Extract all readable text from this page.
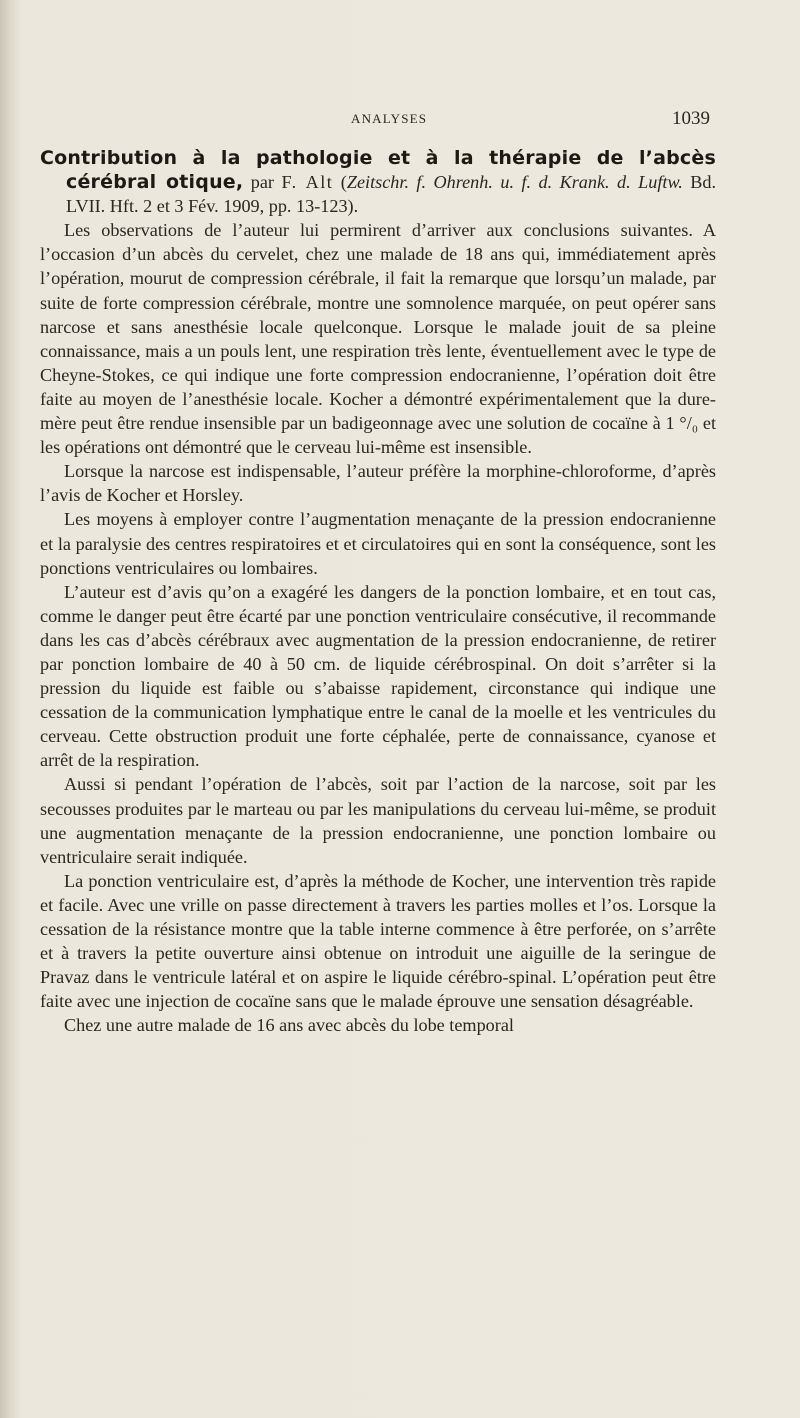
ANALYSES	1039

Contribution à la pathologie et à la thérapie de l’abcès cérébral otique, par F. Alt (Zeitschr. f. Ohrenh. u. f. d. Krank. d. Luftw. Bd. LVII. Hft. 2 et 3 Fév. 1909, pp. 13-123).

Les observations de l’auteur lui permirent d’arriver aux conclusions suivantes. A l’occasion d’un abcès du cervelet, chez une malade de 18 ans qui, immédiatement après l’opération, mourut de compression cérébrale, il fait la remarque que lorsqu’un malade, par suite de forte compression cérébrale, montre une somnolence marquée, on peut opérer sans narcose et sans anesthésie locale quelconque. Lorsque le malade jouit de sa pleine connaissance, mais a un pouls lent, une respiration très lente, éventuellement avec le type de Cheyne-Stokes, ce qui indique une forte compression endocranienne, l’opération doit être faite au moyen de l’anesthésie locale. Kocher a démontré expérimentalement que la dure-mère peut être rendue insensible par un badigeonnage avec une solution de cocaïne à 1 °/₀ et les opérations ont démontré que le cerveau lui-même est insensible.

Lorsque la narcose est indispensable, l’auteur préfère la morphine-chloroforme, d’après l’avis de Kocher et Horsley.

Les moyens à employer contre l’augmentation menaçante de la pression endocranienne et la paralysie des centres respiratoires et et circulatoires qui en sont la conséquence, sont les ponctions ventriculaires ou lombaires.

L’auteur est d’avis qu’on a exagéré les dangers de la ponction lombaire, et en tout cas, comme le danger peut être écarté par une ponction ventriculaire consécutive, il recommande dans les cas d’abcès cérébraux avec augmentation de la pression endocranienne, de retirer par ponction lombaire de 40 à 50 cm. de liquide cérébrospinal. On doit s’arrêter si la pression du liquide est faible ou s’abaisse rapidement, circonstance qui indique une cessation de la communication lymphatique entre le canal de la moelle et les ventricules du cerveau. Cette obstruction produit une forte céphalée, perte de connaissance, cyanose et arrêt de la respiration.

Aussi si pendant l’opération de l’abcès, soit par l’action de la narcose, soit par les secousses produites par le marteau ou par les manipulations du cerveau lui-même, se produit une augmentation menaçante de la pression endocranienne, une ponction lombaire ou ventriculaire serait indiquée.

La ponction ventriculaire est, d’après la méthode de Kocher, une intervention très rapide et facile. Avec une vrille on passe directement à travers les parties molles et l’os. Lorsque la cessation de la résistance montre que la table interne commence à être perforée, on s’arrête et à travers la petite ouverture ainsi obtenue on introduit une aiguille de la seringue de Pravaz dans le ventricule latéral et on aspire le liquide cérébro-spinal. L’opération peut être faite avec une injection de cocaïne sans que le malade éprouve une sensation désagréable.

Chez une autre malade de 16 ans avec abcès du lobe temporal
